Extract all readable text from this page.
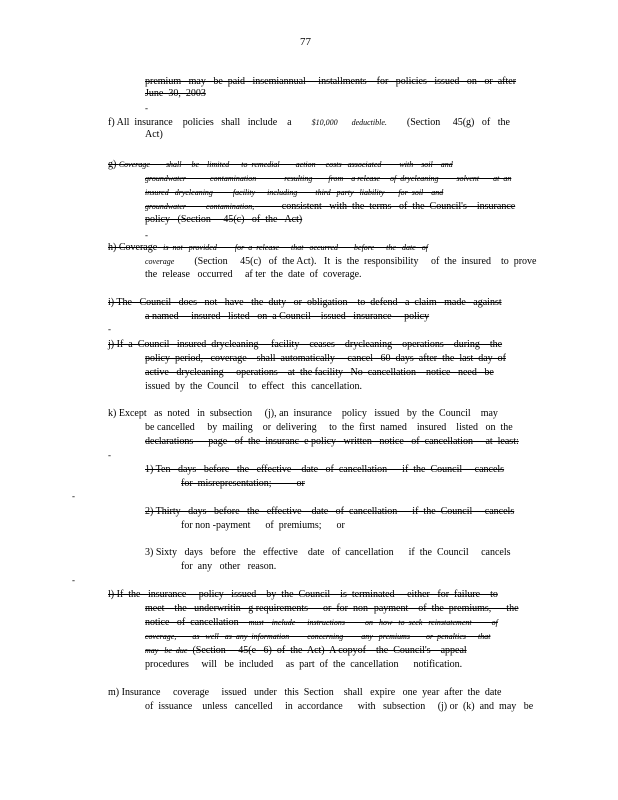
77
premium   may   be  paid   insemiannual     installments    for   policies   issued   on   or  after
June  30,  2003
f) All  insurance    policies   shall   include    a          $10,000       deductible.        (Section     45(g)   of   the
Act)
g) Coverage        shall     be    limited      to  remedial        action     costs   associated         with    soil    and
groundwater            contamination              resulting        from    a release     of  drycleaning         solvent       at  an
insured   drycleaning          facility      including         third   party   liability       for  soil    and
groundwater          contamination,           consistent   with  the  terms   of  the  Council's    insurance
policy   (Section     45(c)   of  the   Act)
h) Coverage   is  not   provided         for  a  release      that   occurred        before      the   date   of
coverage        (Section     45(c)   of  the Act).   It  is  the  responsibility     of  the  insured    to  prove
the  release   occurred     af ter  the  date  of  coverage.
i) The   Council   does   not   have   the  duty   or  obligation    to  defend   a  claim   made   against
a named     insured   listed   on  a Council    issued   insurance     policy
j) If  a  Council   insured  drycleaning     facility    ceases    drycleaning    operations    during    the
policy  period,   coverage    shall  automatically     cancel   60  days  after  the  last  day  of
active   drycleaning     operations    at  the facility   No  cancellation    notice   need   be
issued  by  the  Council    to  effect   this  cancellation.
k) Except   as  noted   in  subsection     (j), an  insurance    policy   issued   by  the  Council    may
be cancelled     by  mailing    or  delivering     to  the  first  named    insured    listed   on  the
declarations      page   of  the  insuranc  e policy   written   notice   of  cancellation     at  least:
1) Ten   days   before   the   effective    date   of  cancellation      if  the  Council     cancels
for  misrepresentation;          or
2) Thirty   days   before   the   effective    date   of  cancellation      if  the  Council     cancels
for non -payment      of  premiums;      or
3) Sixty   days   before   the   effective    date   of  cancellation      if  the  Council     cancels
for  any   other   reason.
l) If  the   insurance     policy   issued    by  the  Council    is  terminated     either   for  failure    to
meet    the   underwritin   g requirements      or  for  non- payment    of  the  premiums,      the
notice   of  cancellation     must    include      instructions          on   how   to  seek   reinstatement          of
coverage,        as   well   as  any  information         concerning         any   premiums        or  penalties      that
may   be  due  (Section     45(e   6)  of  the  Act)  A copyof    the  Council's    appeal
procedures     will   be  included     as  part  of  the  cancellation      notification.
m) Insurance     coverage     issued   under   this  Section    shall   expire   one  year  after  the  date
of  issuance    unless   cancelled     in  accordance      with   subsection     (j) or  (k)  and  may   be
-
-
-
-
-
-
